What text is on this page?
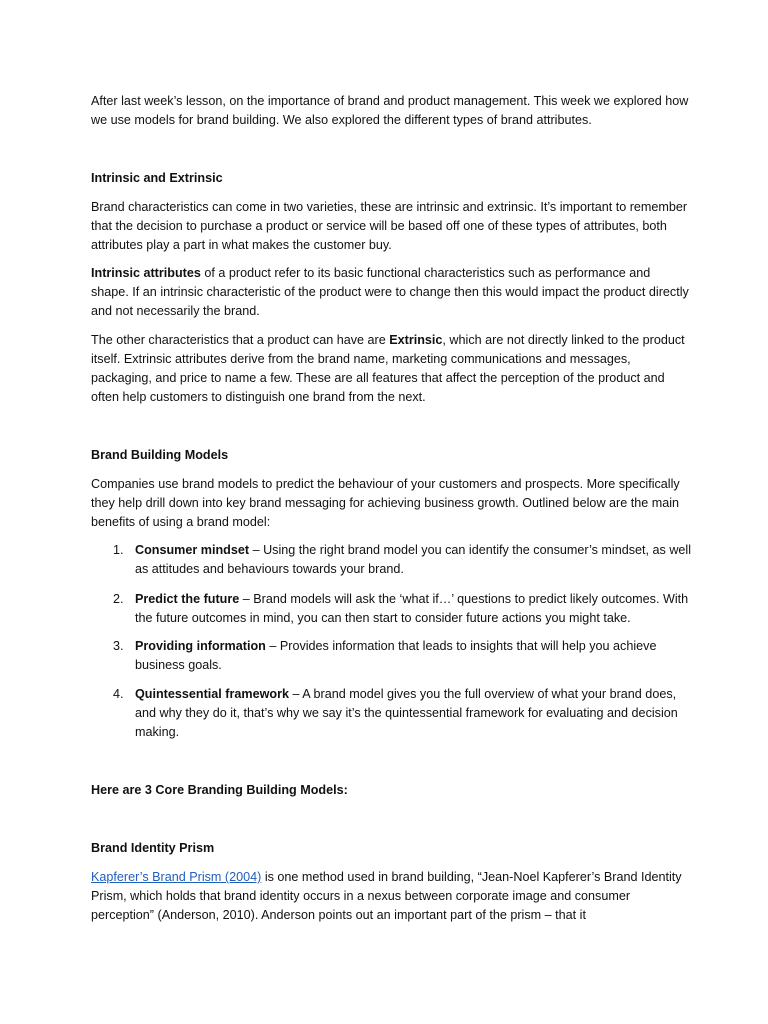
After last week’s lesson, on the importance of brand and product management. This week we explored how we use models for brand building. We also explored the different types of brand attributes.

Intrinsic and Extrinsic

Brand characteristics can come in two varieties, these are intrinsic and extrinsic. It’s important to remember that the decision to purchase a product or service will be based off one of these types of attributes, both attributes play a part in what makes the customer buy.

Intrinsic attributes of a product refer to its basic functional characteristics such as performance and shape. If an intrinsic characteristic of the product were to change then this would impact the product directly and not necessarily the brand.

The other characteristics that a product can have are Extrinsic, which are not directly linked to the product itself. Extrinsic attributes derive from the brand name, marketing communications and messages, packaging, and price to name a few. These are all features that affect the perception of the product and often help customers to distinguish one brand from the next.

Brand Building Models

Companies use brand models to predict the behaviour of your customers and prospects. More specifically they help drill down into key brand messaging for achieving business growth. Outlined below are the main benefits of using a brand model:

1. Consumer mindset – Using the right brand model you can identify the consumer’s mindset, as well as attitudes and behaviours towards your brand.
2. Predict the future – Brand models will ask the ‘what if…’ questions to predict likely outcomes. With the future outcomes in mind, you can then start to consider future actions you might take.
3. Providing information – Provides information that leads to insights that will help you achieve business goals.
4. Quintessential framework – A brand model gives you the full overview of what your brand does, and why they do it, that’s why we say it’s the quintessential framework for evaluating and decision making.

Here are 3 Core Branding Building Models:

Brand Identity Prism

Kapferer’s Brand Prism (2004) is one method used in brand building, “Jean-Noel Kapferer’s Brand Identity Prism, which holds that brand identity occurs in a nexus between corporate image and consumer perception” (Anderson, 2010). Anderson points out an important part of the prism – that it
